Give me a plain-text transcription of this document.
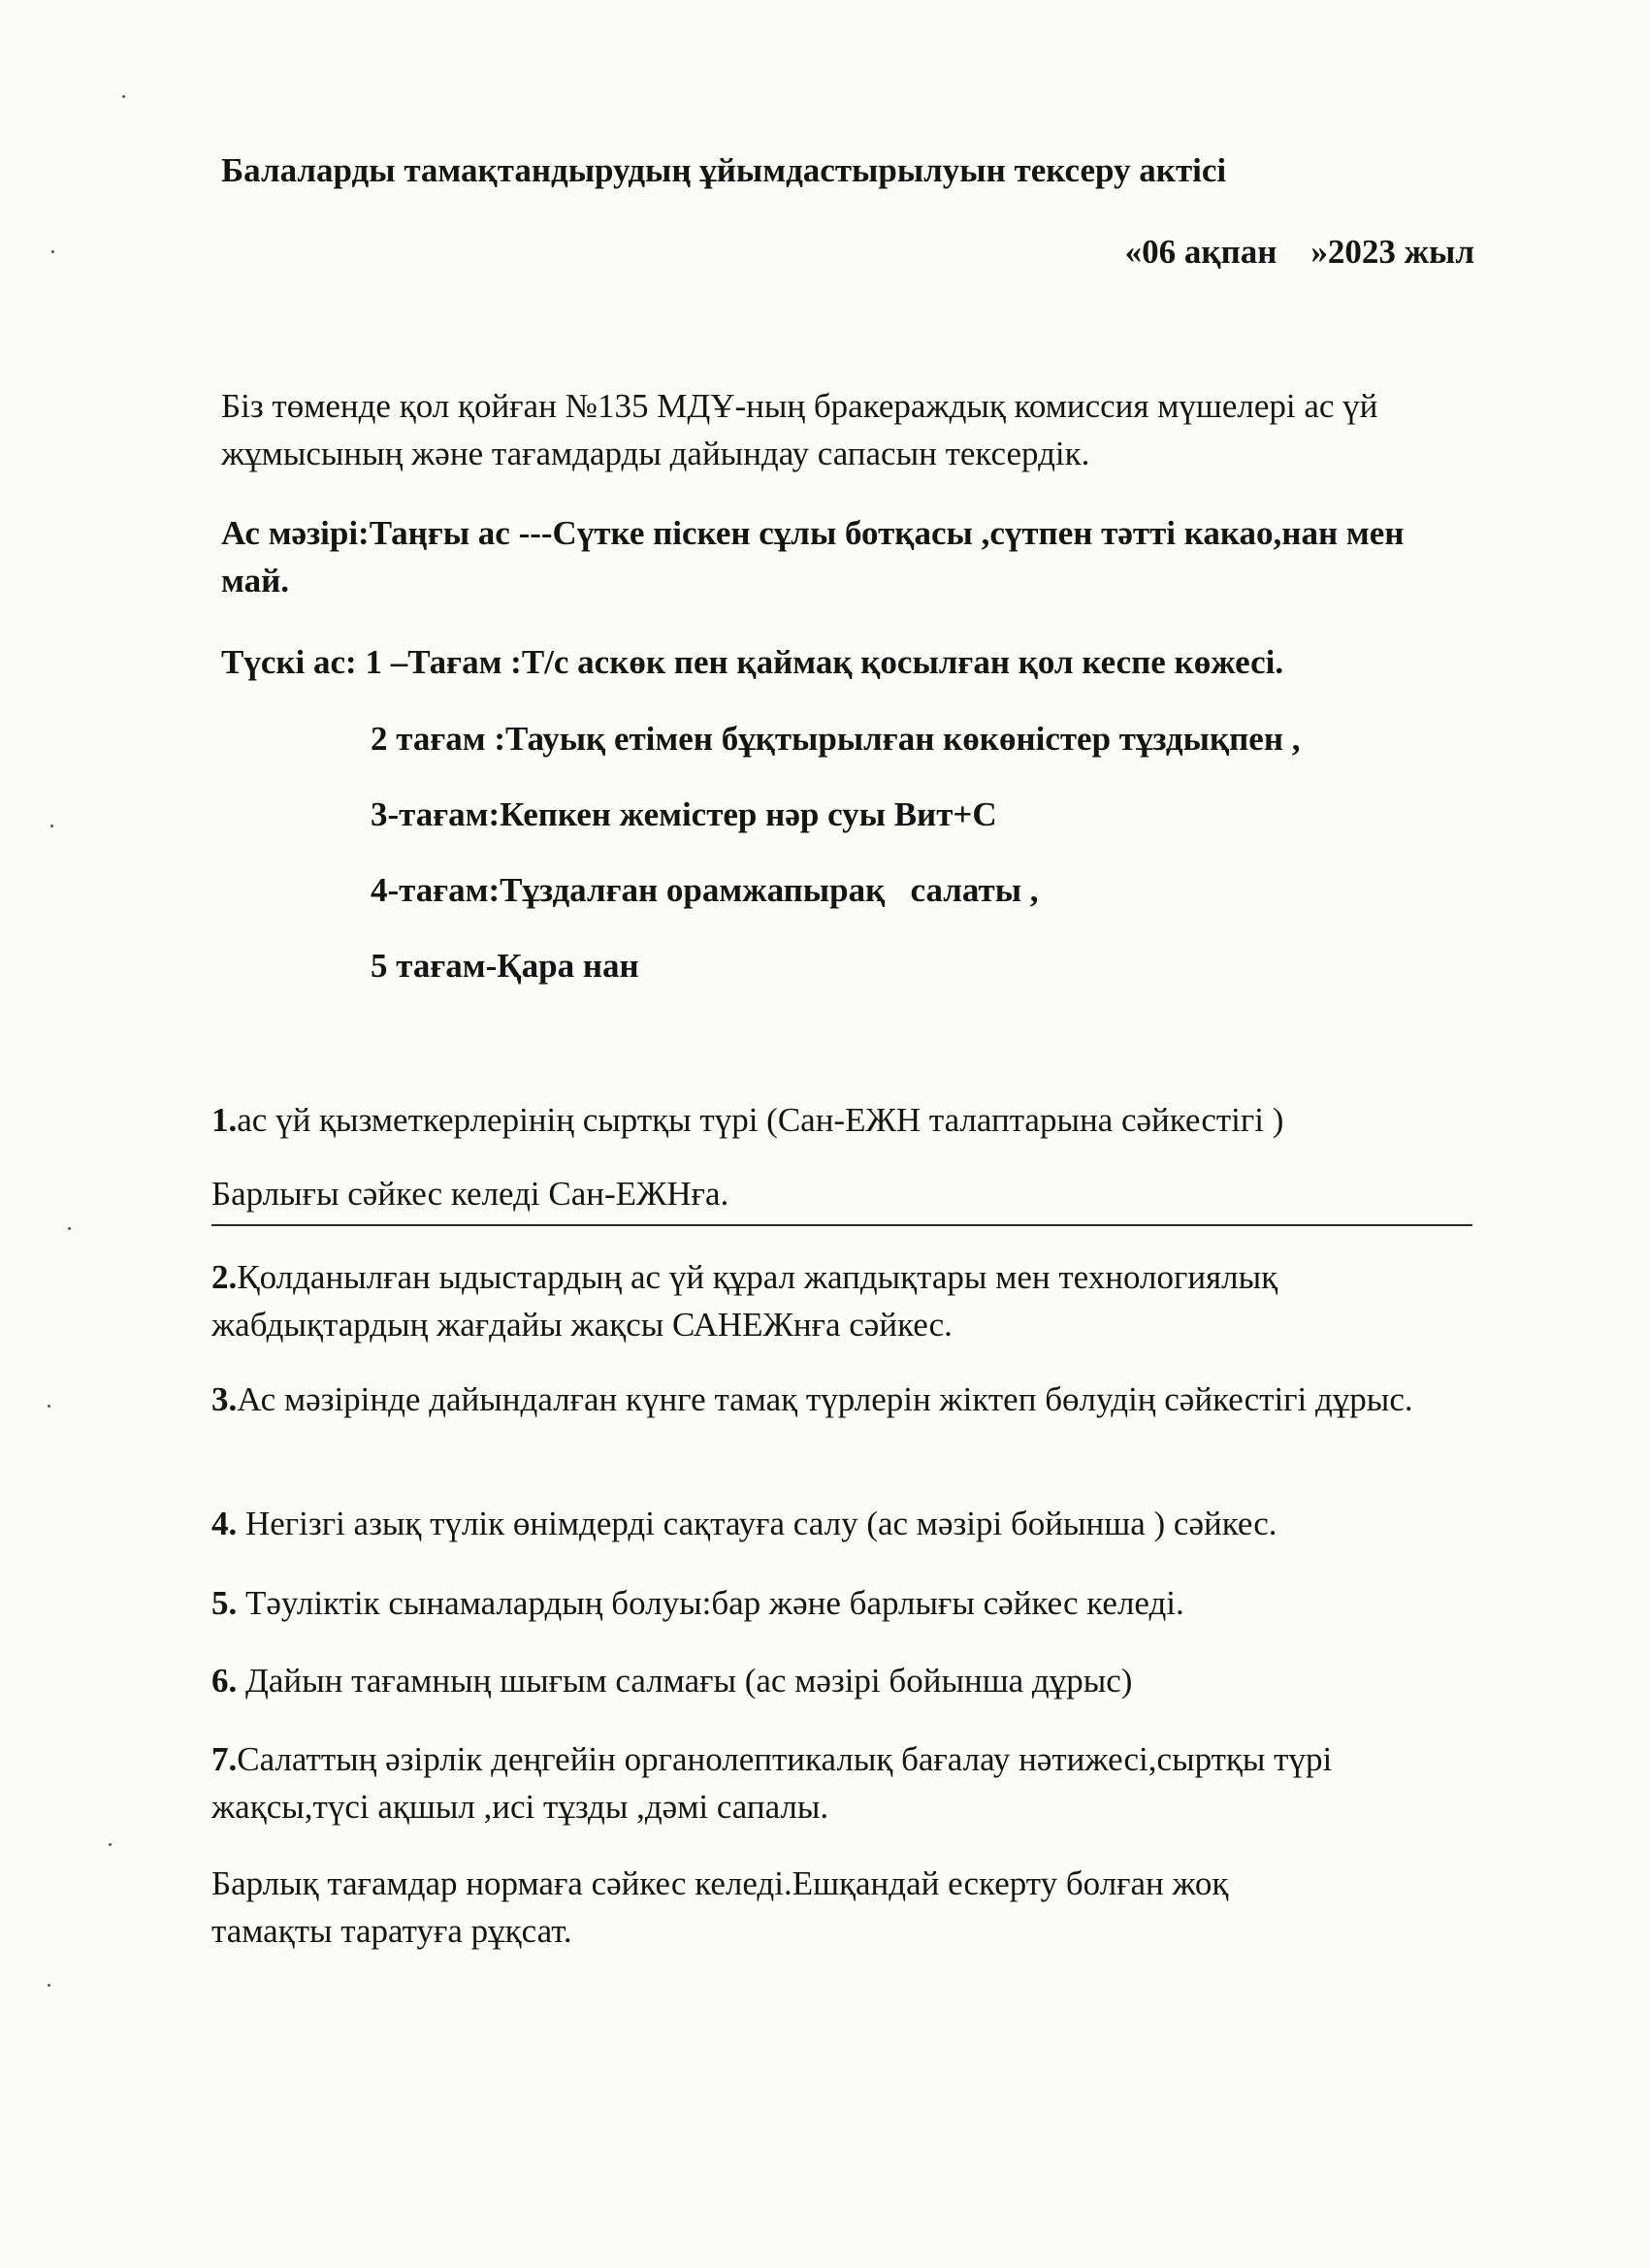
Балаларды тамақтандырудың ұйымдастырылуын тексеру актісі

«06 ақпан    »2023 жыл

Біз төменде қол қойған №135 МДҰ-ның бракераждық комиссия мүшелері ас үй жұмысының және тағамдарды дайындау сапасын тексердік.

Ас мәзірі:Таңғы ас ---Сүтке піскен сұлы ботқасы ,сүтпен тәтті какао,нан мен май.

Түскі ас: 1 –Тағам :Т/с аскөк пен қаймақ қосылған қол кеспе көжесі.

2 тағам :Тауық етімен бұқтырылған көкөністер тұздықпен ,

3-тағам:Кепкен жемістер нәр суы Вит+С

4-тағам:Тұздалған орамжапырақ   салаты ,

5 тағам-Қара нан

1.ас үй қызметкерлерінің сыртқы түрі (Сан-ЕЖН талаптарына сәйкестігі )

Барлығы сәйкес келеді Сан-ЕЖНға.

2.Қолданылған ыдыстардың ас үй құрал жапдықтары мен технологиялық жабдықтардың жағдайы жақсы САНЕЖнға сәйкес.

3.Ас мәзірінде дайындалған күнге тамақ түрлерін жіктеп бөлудің сәйкестігі дұрыс.

4. Негізгі азық түлік өнімдерді сақтауға салу (ас мәзірі бойынша ) сәйкес.

5. Тәуліктік сынамалардың болуы:бар және барлығы сәйкес келеді.

6. Дайын тағамның шығым салмағы (ас мәзірі бойынша дұрыс)

7.Салаттың әзірлік деңгейін органолептикалық бағалау нәтижесі,сыртқы түрі жақсы,түсі ақшыл ,исі тұзды ,дәмі сапалы.

Барлық тағамдар нормаға сәйкес келеді.Ешқандай ескерту болған жоқ тамақты таратуға рұқсат.
